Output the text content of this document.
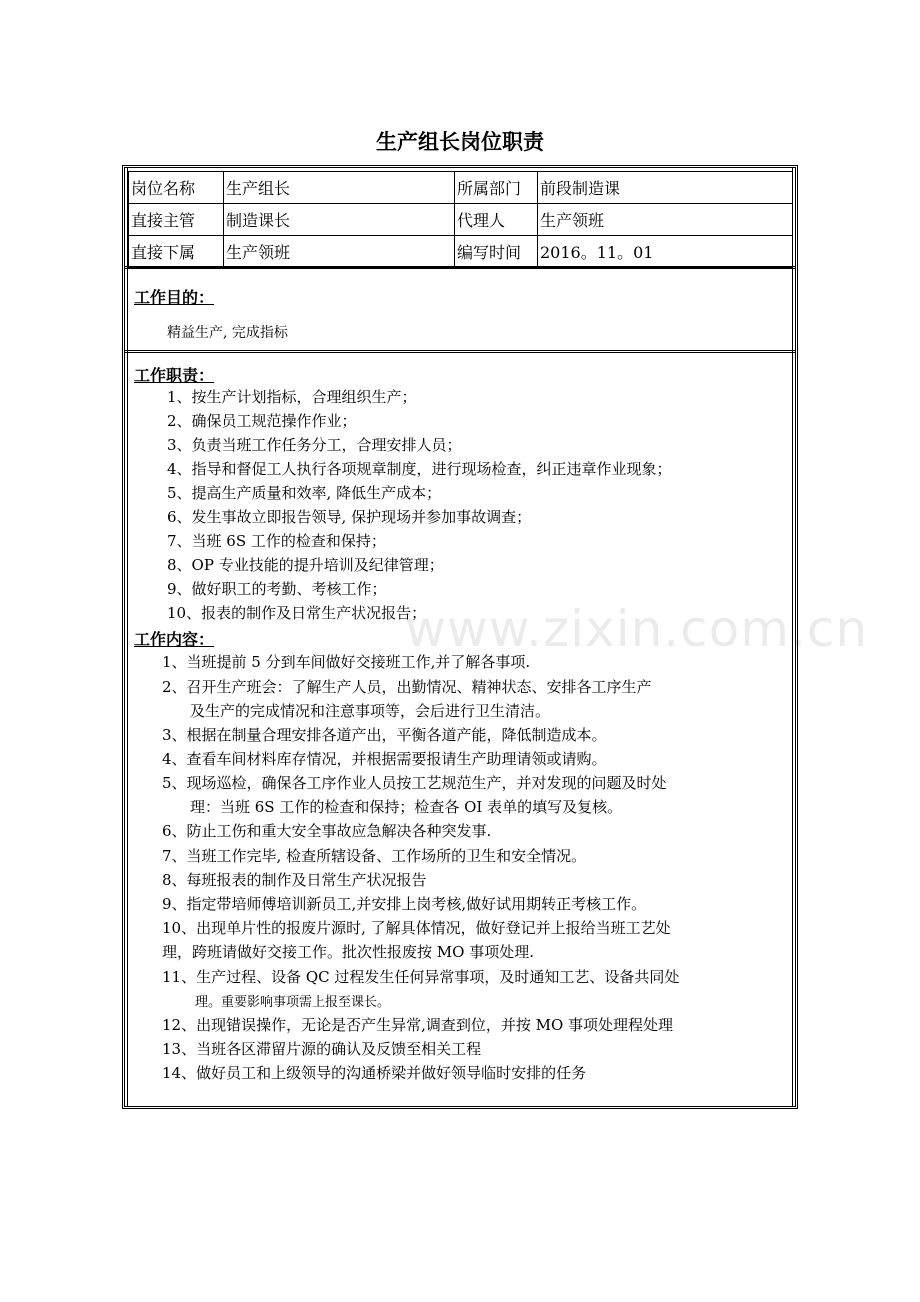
生产组长岗位职责
岗位名称	生产组长	所属部门	前段制造课
直接主管	制造课长	代理人	生产领班
直接下属	生产领班	编写时间	2016。11。01
工作目的：
精益生产, 完成指标
www.zixin.com.cn
工作职责：
1、按生产计划指标，合理组织生产；
2、确保员工规范操作作业；
3、负责当班工作任务分工，合理安排人员；
4、指导和督促工人执行各项规章制度，进行现场检查，纠正违章作业现象；
5、提高生产质量和效率, 降低生产成本；
6、发生事故立即报告领导, 保护现场并参加事故调查；
7、当班 6S 工作的检查和保持；
8、OP 专业技能的提升培训及纪律管理；
9、做好职工的考勤、考核工作；
10、报表的制作及日常生产状况报告；
工作内容：
1、当班提前 5 分到车间做好交接班工作,并了解各事项.
2、召开生产班会：了解生产人员，出勤情况、精神状态、安排各工序生产
及生产的完成情况和注意事项等，会后进行卫生清洁。
3、根据在制量合理安排各道产出，平衡各道产能，降低制造成本。
4、查看车间材料库存情况，并根据需要报请生产助理请领或请购。
5、现场巡检，确保各工序作业人员按工艺规范生产，并对发现的问题及时处
理：当班 6S 工作的检查和保持；检查各 OI 表单的填写及复核。
6、防止工伤和重大安全事故应急解决各种突发事.
7、当班工作完毕, 检查所辖设备、工作场所的卫生和安全情况。
8、每班报表的制作及日常生产状况报告
9、指定带培师傅培训新员工,并安排上岗考核,做好试用期转正考核工作。
10、出现单片性的报废片源时, 了解具体情况，做好登记并上报给当班工艺处
理，跨班请做好交接工作。批次性报废按 MO 事项处理.
11、生产过程、设备 QC 过程发生任何异常事项，及时通知工艺、设备共同处
理。重要影响事项需上报至课长。
12、出现错误操作，无论是否产生异常,调查到位，并按 MO 事项处理程处理
13、当班各区滞留片源的确认及反馈至相关工程
14、做好员工和上级领导的沟通桥梁并做好领导临时安排的任务
